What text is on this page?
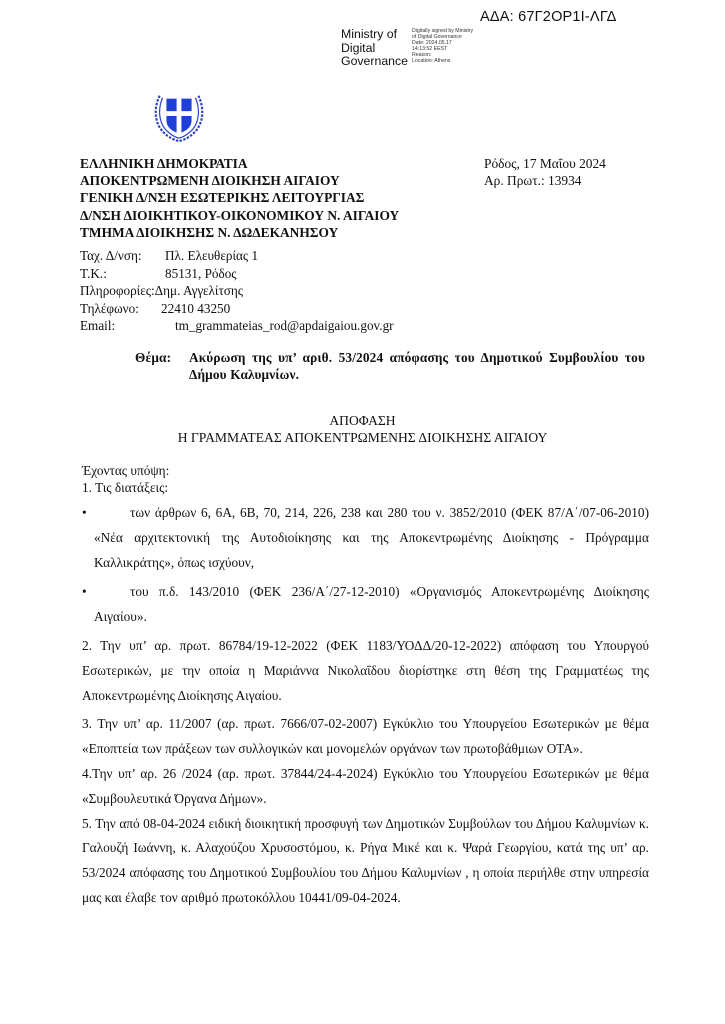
ΑΔΑ: 67Γ2ΟΡ1Ι-ΛΓΔ
Ministry of
Digital
Governance
Digitally signed by Ministry
of Digital Governance
Date: 2024.05.17
14:13:52 EEST
Reason:
Location: Athens
ΕΛΛΗΝΙΚΗ ΔΗΜΟΚΡΑΤΙΑ
ΑΠΟΚΕΝΤΡΩΜΕΝΗ ΔΙΟΙΚΗΣΗ ΑΙΓΑΙΟΥ
ΓΕΝΙΚΗ Δ/ΝΣΗ ΕΣΩΤΕΡΙΚΗΣ ΛΕΙΤΟΥΡΓΙΑΣ
Δ/ΝΣΗ ΔΙΟΙΚΗΤΙΚΟΥ-ΟΙΚΟΝΟΜΙΚΟΥ Ν. ΑΙΓΑΙΟΥ
ΤΜΗΜΑ ΔΙΟΙΚΗΣΗΣ Ν. ΔΩΔΕΚΑΝΗΣΟΥ
Ρόδος, 17 Μαΐου 2024
Αρ. Πρωτ.: 13934
Ταχ. Δ/νση:	Πλ. Ελευθερίας 1
Τ.Κ.:	85131, Ρόδος
Πληροφορίες: Δημ. Αγγελίτσης
Τηλέφωνο:	22410 43250
Email:	tm_grammateias_rod@apdaigaiou.gov.gr
Θέμα:	Ακύρωση της υπ’ αριθ. 53/2024 απόφασης του Δημοτικού Συμβουλίου του Δήμου Καλυμνίων.
ΑΠΟΦΑΣΗ
Η ΓΡΑΜΜΑΤΕΑΣ ΑΠΟΚΕΝΤΡΩΜΕΝΗΣ ΔΙΟΙΚΗΣΗΣ ΑΙΓΑΙΟΥ

Έχοντας υπόψη:

1. Τις διατάξεις:

•	των άρθρων 6, 6Α, 6Β, 70, 214, 226, 238 και 280 του ν. 3852/2010 (ΦΕΚ 87/Α΄/07-06-2010) «Νέα αρχιτεκτονική της Αυτοδιοίκησης και της Αποκεντρωμένης Διοίκησης - Πρόγραμμα Καλλικράτης», όπως ισχύουν,
•	του π.δ. 143/2010 (ΦΕΚ 236/Α΄/27-12-2010) «Οργανισμός Αποκεντρωμένης Διοίκησης Αιγαίου».

2. Την υπ’ αρ. πρωτ. 86784/19-12-2022 (ΦΕΚ 1183/ΥΟΔΔ/20-12-2022) απόφαση του Υπουργού Εσωτερικών, με την οποία η Μαριάννα Νικολαΐδου διορίστηκε στη θέση της Γραμματέως της Αποκεντρωμένης Διοίκησης Αιγαίου.

3. Την υπ’ αρ. 11/2007 (αρ. πρωτ. 7666/07-02-2007) Εγκύκλιο του Υπουργείου Εσωτερικών με θέμα «Εποπτεία των πράξεων των συλλογικών και μονομελών οργάνων των πρωτοβάθμιων ΟΤΑ».

4.Την υπ’ αρ. 26 /2024 (αρ. πρωτ. 37844/24-4-2024) Εγκύκλιο του Υπουργείου Εσωτερικών με θέμα «Συμβουλευτικά Όργανα Δήμων».

5. Την από 08-04-2024 ειδική διοικητική προσφυγή των Δημοτικών Συμβούλων του Δήμου Καλυμνίων κ. Γαλουζή Ιωάννη, κ. Αλαχούζου Χρυσοστόμου, κ. Ρήγα Μικέ και κ. Ψαρά Γεωργίου, κατά της υπ’ αρ. 53/2024 απόφασης του Δημοτικού Συμβουλίου του Δήμου Καλυμνίων , η οποία περιήλθε στην υπηρεσία μας και έλαβε τον αριθμό πρωτοκόλλου 10441/09-04-2024.
